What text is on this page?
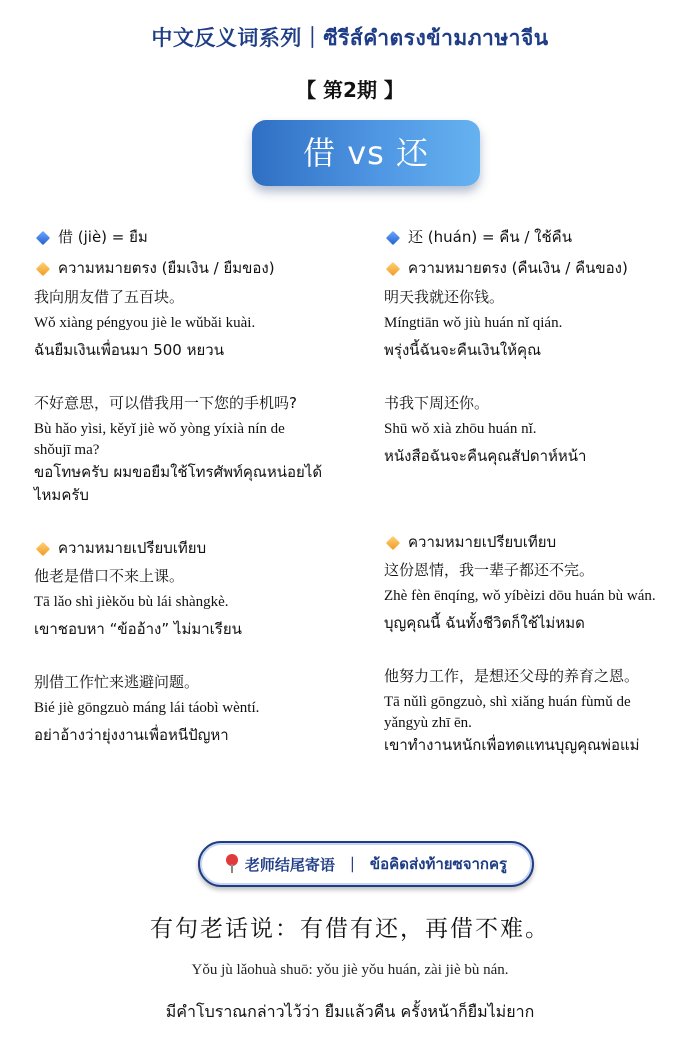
中文反义词系列｜ซีรีส์คำตรงข้ามภาษาจีน
【 第2期 】
借 vs 还
借 (jiè) = ยืม
ความหมายตรง (ยืมเงิน / ยืมของ)
我向朋友借了五百块。
Wǒ xiàng péngyou jiè le wǔbǎi kuài.
ฉันยืมเงินเพื่อนมา 500 หยวน
不好意思，可以借我用一下您的手机吗?
Bù hǎo yìsi, kěyǐ jiè wǒ yòng yíxià nín de
shǒujī ma?
ขอโทษครับ ผมขอยืมใช้โทรศัพท์คุณหน่อยได้
ไหมครับ
ความหมายเปรียบเทียบ
他老是借口不来上课。
Tā lǎo shì jièkǒu bù lái shàngkè.
เขาชอบหา “ข้ออ้าง” ไม่มาเรียน
别借工作忙来逃避问题。
Bié jiè gōngzuò máng lái táobì wèntí.
อย่าอ้างว่ายุ่งงานเพื่อหนีปัญหา
还 (huán) = คืน / ใช้คืน
ความหมายตรง (คืนเงิน / คืนของ)
明天我就还你钱。
Míngtiān wǒ jiù huán nǐ qián.
พรุ่งนี้ฉันจะคืนเงินให้คุณ
书我下周还你。
Shū wǒ xià zhōu huán nǐ.
หนังสือฉันจะคืนคุณสัปดาห์หน้า
ความหมายเปรียบเทียบ
这份恩情，我一辈子都还不完。
Zhè fèn ēnqíng, wǒ yíbèizi dōu huán bù wán.
บุญคุณนี้ ฉันทั้งชีวิตก็ใช้ไม่หมด
他努力工作，是想还父母的养育之恩。
Tā nǔlì gōngzuò, shì xiǎng huán fùmǔ de
yǎngyù zhī ēn.
เขาทำงานหนักเพื่อทดแทนบุญคุณพ่อแม่
老师结尾寄语 ｜ ข้อคิดส่งท้ายซจากครู
有句老话说：有借有还，再借不难。
Yǒu jù lǎohuà shuō: yǒu jiè yǒu huán, zài jiè bù nán.
มีคำโบราณกล่าวไว้ว่า ยืมแล้วคืน ครั้งหน้าก็ยืมไม่ยาก
